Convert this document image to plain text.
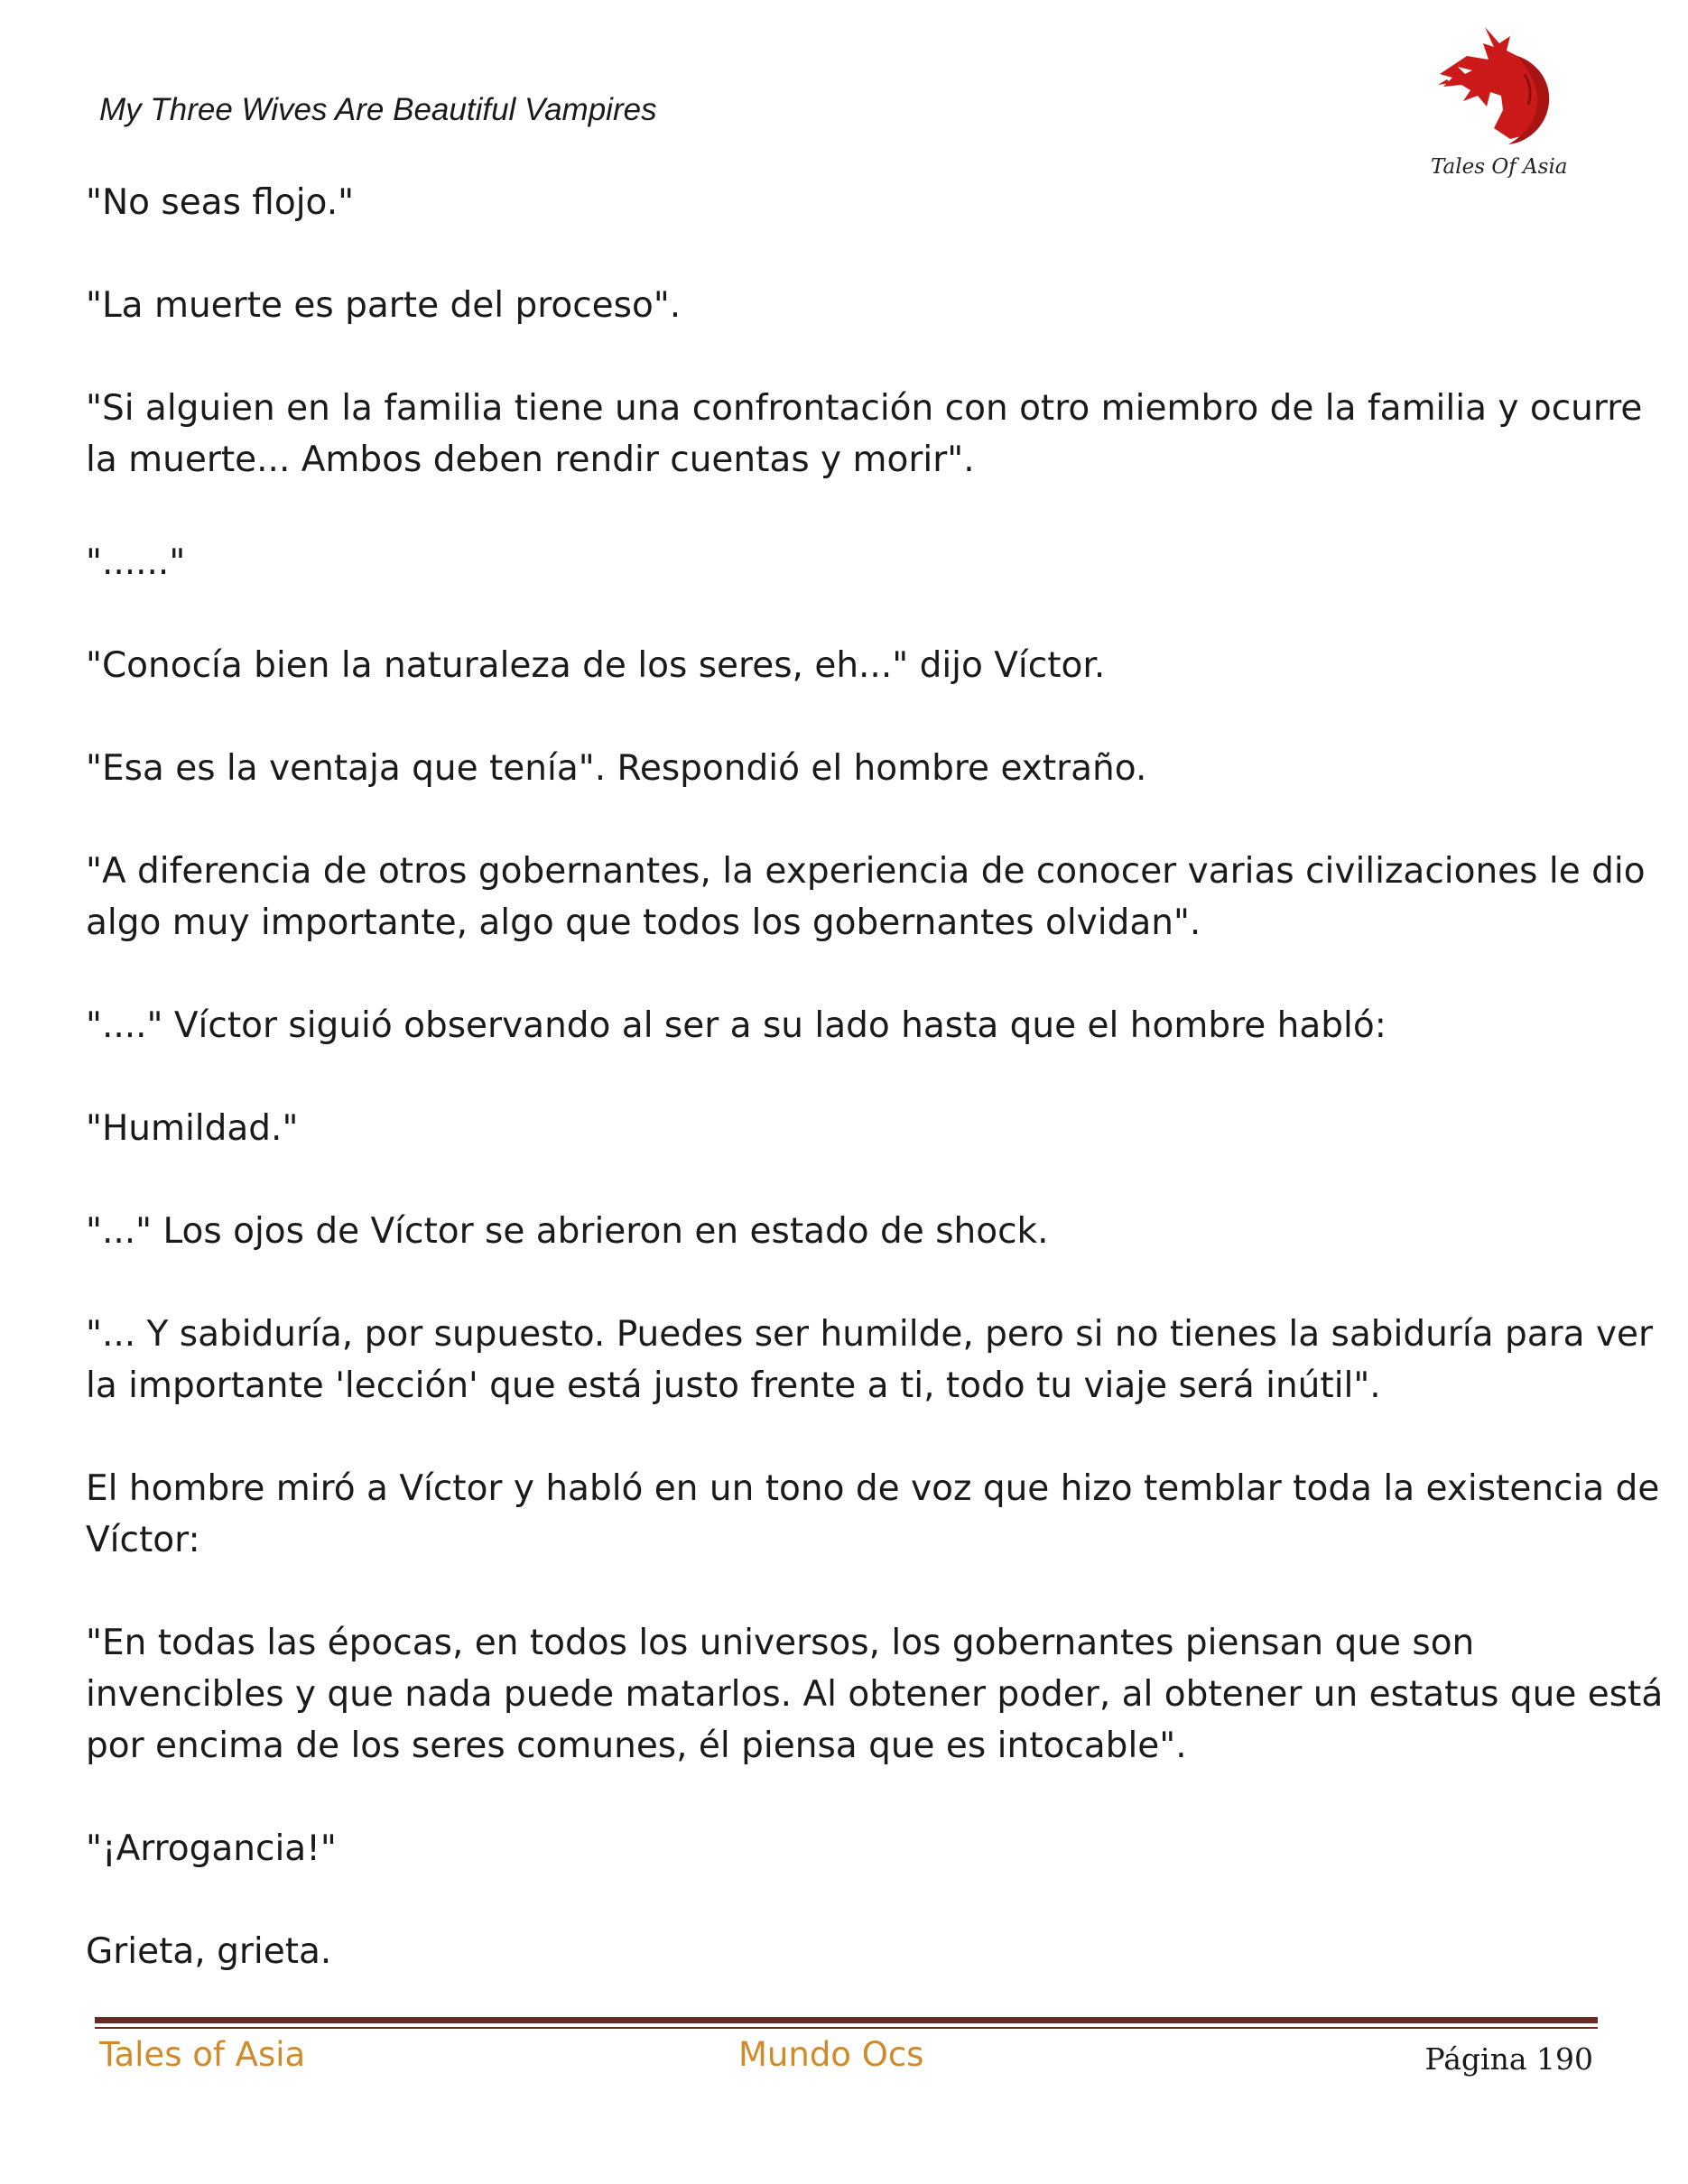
My Three Wives Are Beautiful Vampires
Tales Of Asia
"No seas flojo."
"La muerte es parte del proceso".
"Si alguien en la familia tiene una confrontación con otro miembro de la familia y ocurre
la muerte... Ambos deben rendir cuentas y morir".
"......"
"Conocía bien la naturaleza de los seres, eh..." dijo Víctor.
"Esa es la ventaja que tenía". Respondió el hombre extraño.
"A diferencia de otros gobernantes, la experiencia de conocer varias civilizaciones le dio
algo muy importante, algo que todos los gobernantes olvidan".
"...." Víctor siguió observando al ser a su lado hasta que el hombre habló:
"Humildad."
"..." Los ojos de Víctor se abrieron en estado de shock.
"... Y sabiduría, por supuesto. Puedes ser humilde, pero si no tienes la sabiduría para ver
la importante 'lección' que está justo frente a ti, todo tu viaje será inútil".
El hombre miró a Víctor y habló en un tono de voz que hizo temblar toda la existencia de
Víctor:
"En todas las épocas, en todos los universos, los gobernantes piensan que son
invencibles y que nada puede matarlos. Al obtener poder, al obtener un estatus que está
por encima de los seres comunes, él piensa que es intocable".
"¡Arrogancia!"
Grieta, grieta.
Tales of Asia	Mundo Ocs	Página 190
